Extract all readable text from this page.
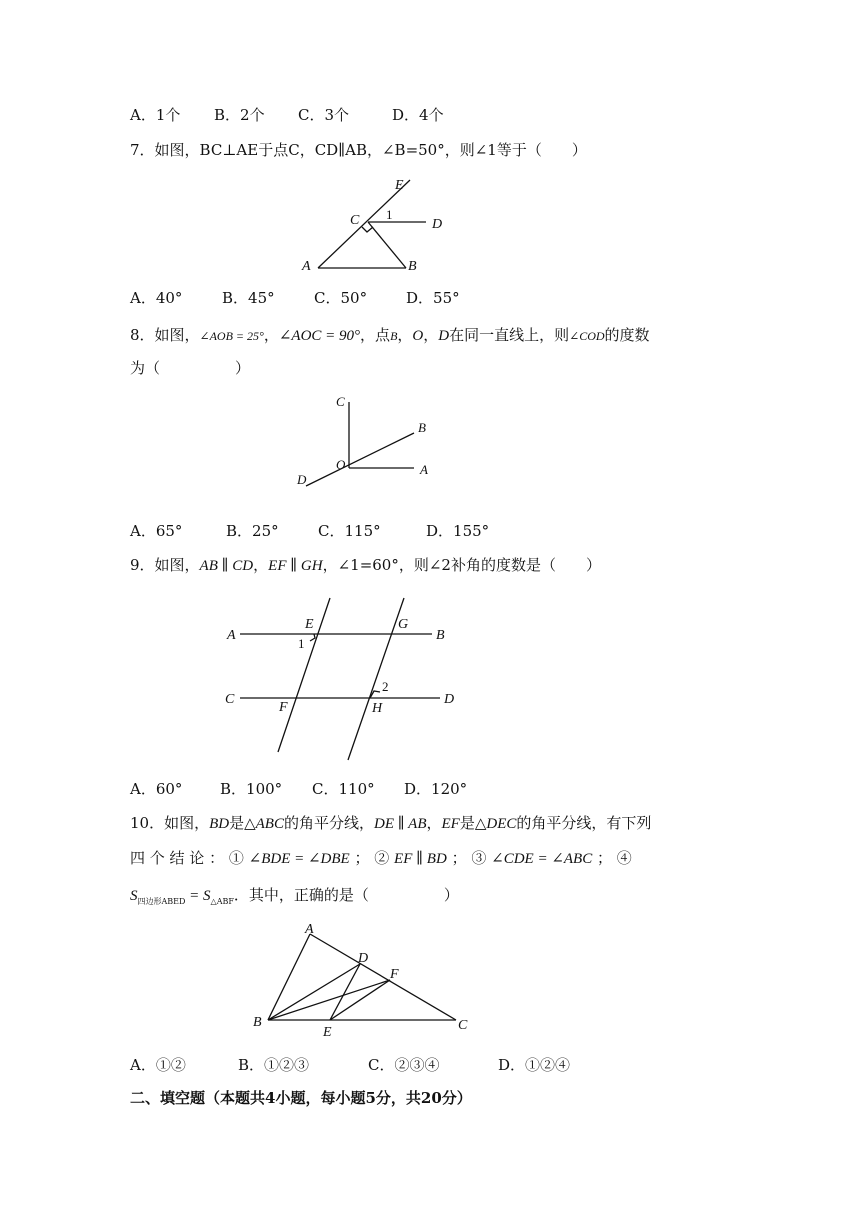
A．1个 B．2个 C．3个	D．4个
7．如图，BC⊥AE于点C，CD∥AB，∠B=50°，则∠1等于（　　）
E
C 1
D
A	B
A．40°	B．45°	C．50°	D．55°
8．如图，∠AOB = 25°，∠AOC = 90°，点B，O，D在同一直线上，则∠COD的度数
为（　　　　　）
C
B
O	A
D
A．65°	B．25°	C．115°	D．155°
9．如图，AB ∥ CD，EF ∥ GH，∠1=60°，则∠2补角的度数是（　　）
A
E	G
B
1
C
2
D
F	H
A．60°	B．100° C．110° D．120°
10．如图，BD是△ABC的角平分线，DE ∥ AB，EF是△DEC的角平分线，有下列
四 个 结 论 ： ① ∠BDE = ∠DBE ； ② EF ∥ BD ； ③ ∠CDE = ∠ABC ； ④
$S_{四边形ABED} = S_{\triangle ABF}$．其中，正确的是（　　　　　）
A
D
F
B
E	C
A．①②	B．①②③	C．②③④	D．①②④
二、填空题（本题共4小题，每小题5分，共20分）
